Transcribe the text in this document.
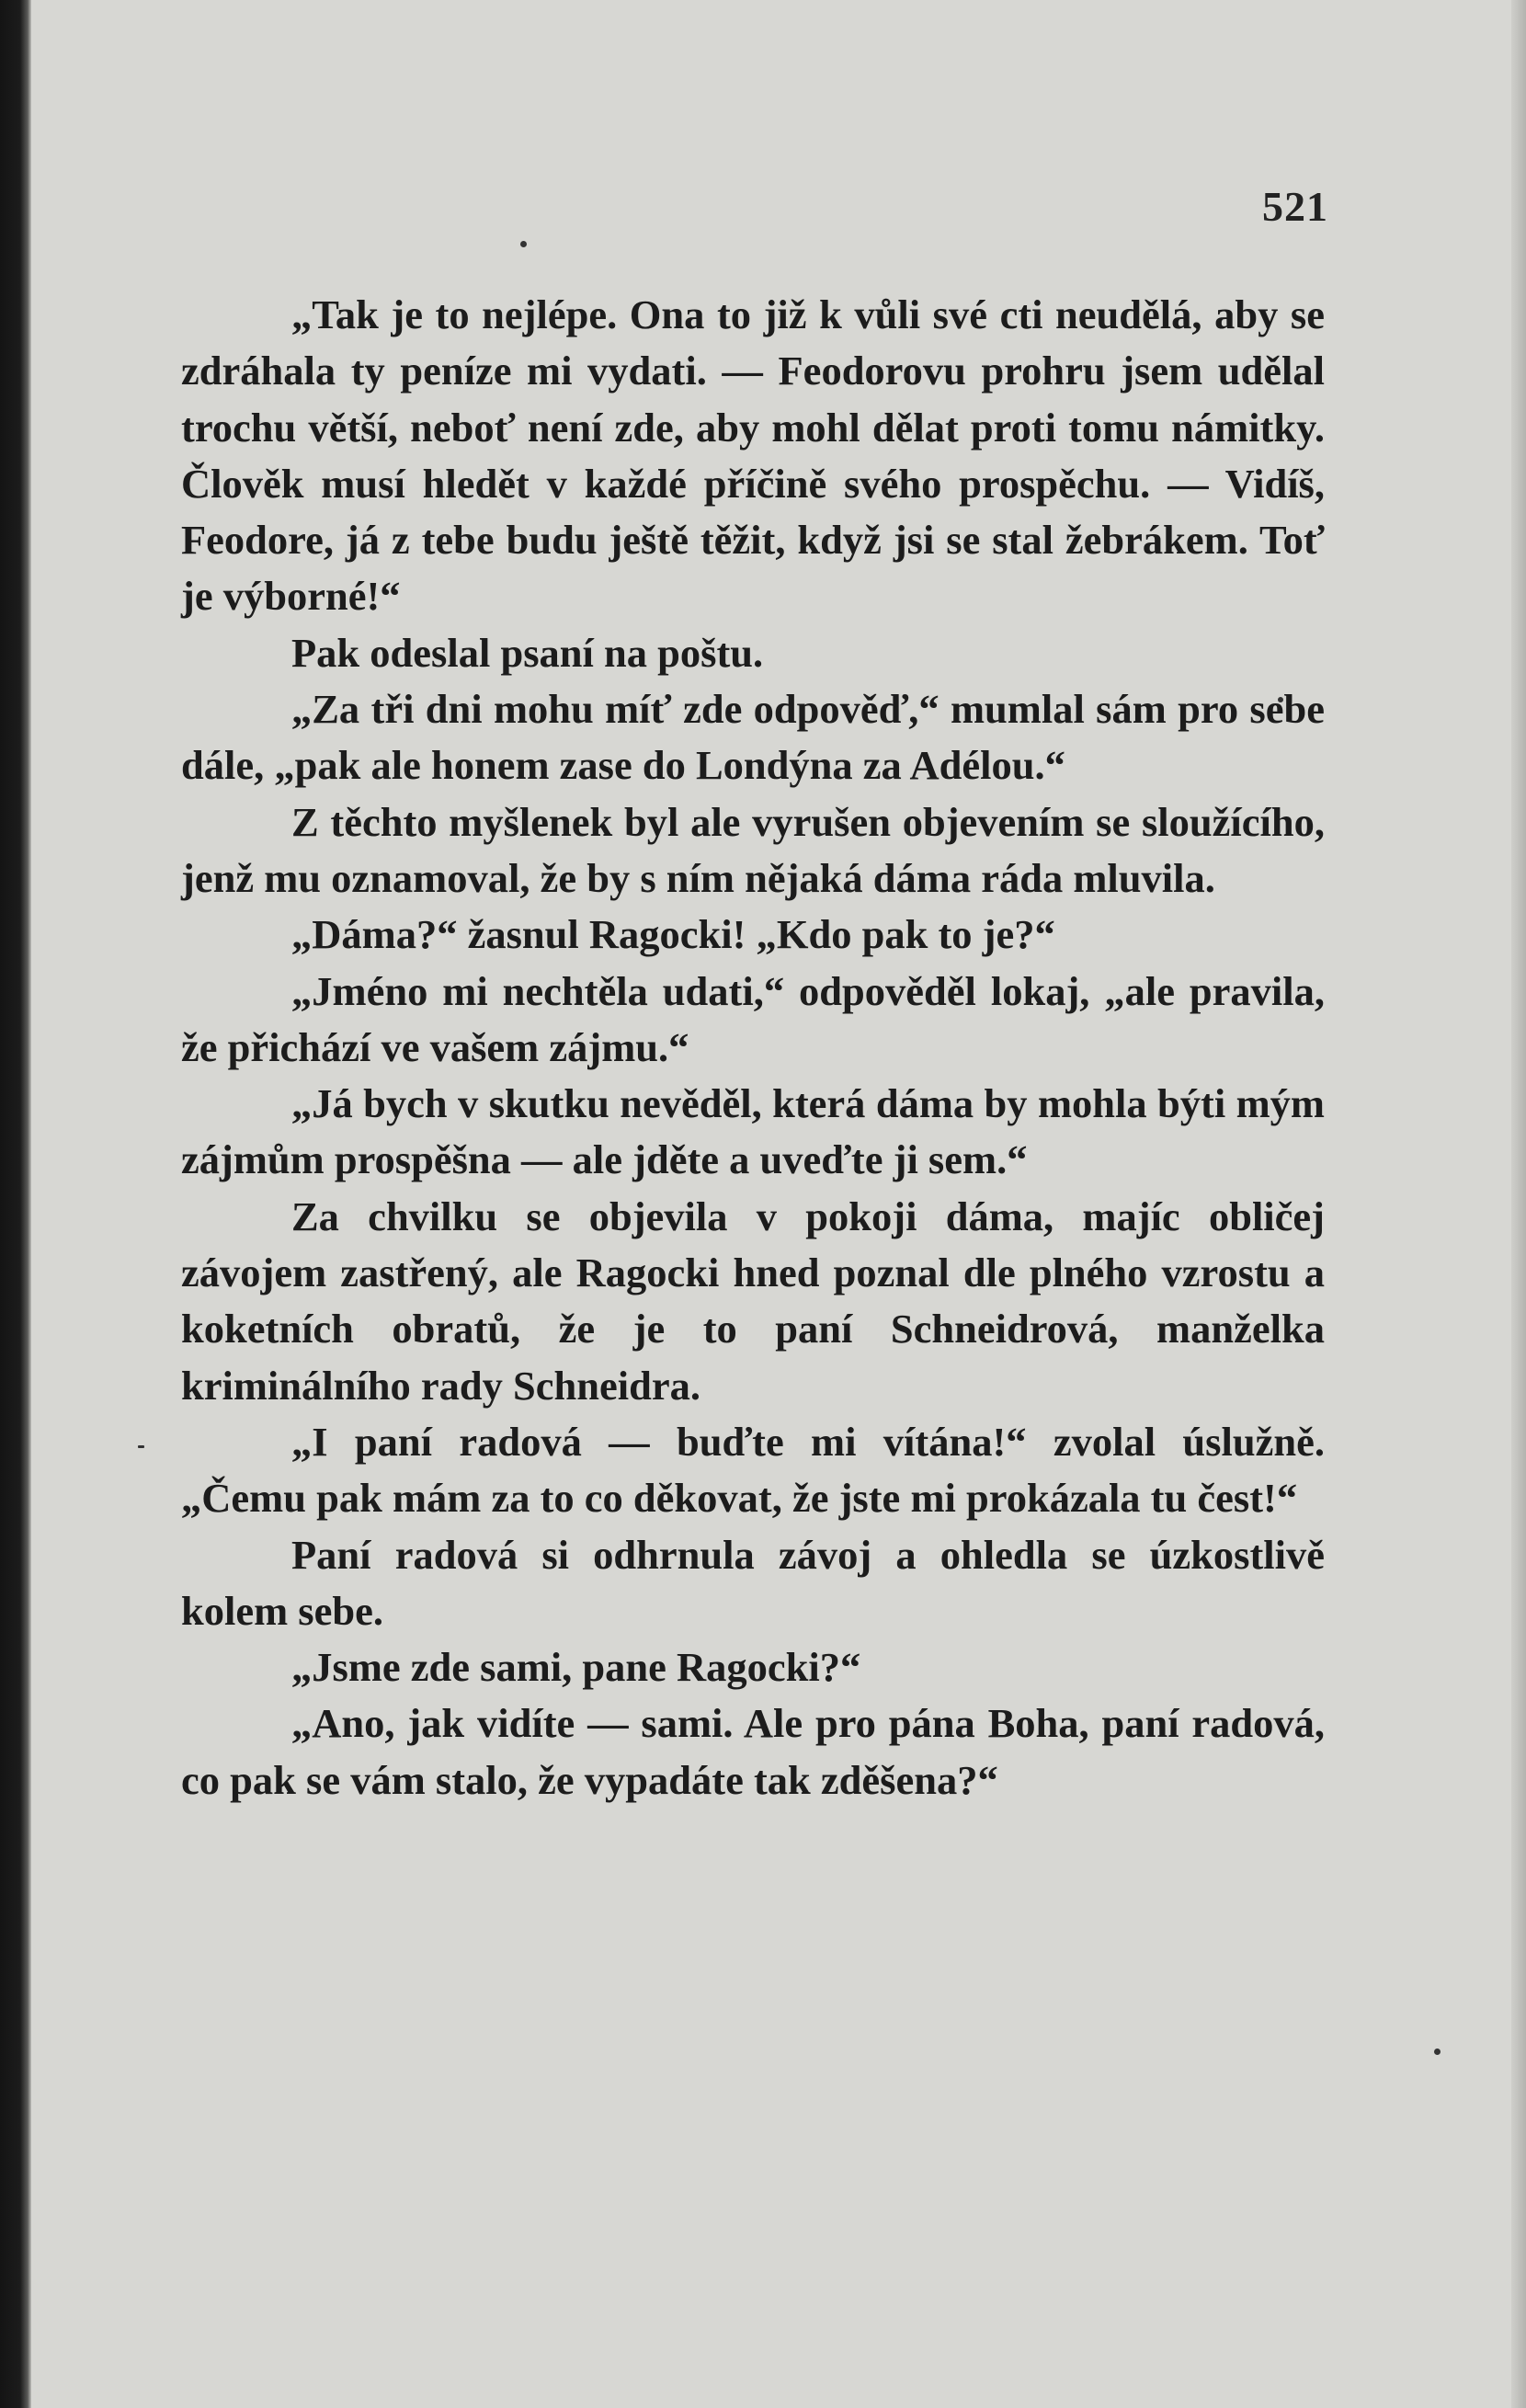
521

„Tak je to nejlépe. Ona to již k vůli své cti neudělá, aby se zdráhala ty peníze mi vydati. — Feodorovu prohru jsem udělal trochu větší, neboť není zde, aby mohl dělat proti tomu námitky. Člověk musí hledět v každé příčině svého prospěchu. — Vidíš, Feodore, já z tebe budu ještě těžit, když jsi se stal žebrákem. Toť je výborné!“

Pak odeslal psaní na poštu.

„Za tři dni mohu míť zde odpověď,“ mumlal sám pro sebe dále, „pak ale honem zase do Londýna za Adélou.“

Z těchto myšlenek byl ale vyrušen objevením se sloužícího, jenž mu oznamoval, že by s ním nějaká dáma ráda mluvila.

„Dáma?“ žasnul Ragocki! „Kdo pak to je?“

„Jméno mi nechtěla udati,“ odpověděl lokaj, „ale pravila, že přichází ve vašem zájmu.“

„Já bych v skutku nevěděl, která dáma by mohla býti mým zájmům prospěšna — ale jděte a uveďte ji sem.“

Za chvilku se objevila v pokoji dáma, majíc obličej závojem zastřený, ale Ragocki hned poznal dle plného vzrostu a koketních obratů, že je to paní Schneidrová, manželka kriminálního rady Schneidra.

„I paní radová — buďte mi vítána!“ zvolal úslužně. „Čemu pak mám za to co děkovat, že jste mi prokázala tu čest!“

Paní radová si odhrnula závoj a ohledla se úzkostlivě kolem sebe.

„Jsme zde sami, pane Ragocki?“

„Ano, jak vidíte — sami. Ale pro pána Boha, paní radová, co pak se vám stalo, že vypadáte tak zděšena?“
